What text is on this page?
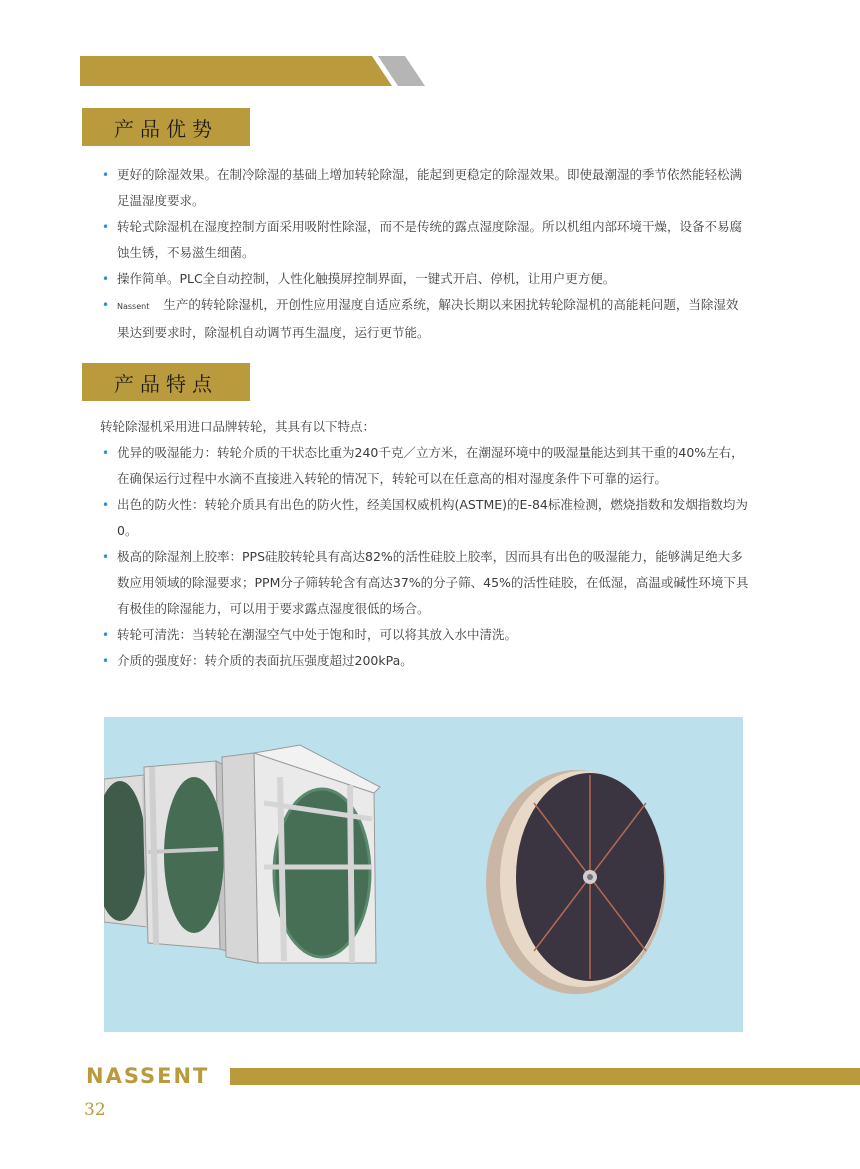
产品优势
• 更好的除湿效果。在制冷除湿的基础上增加转轮除湿，能起到更稳定的除湿效果。即使最潮湿的季节依然能轻松满足温湿度要求。
• 转轮式除湿机在湿度控制方面采用吸附性除湿，而不是传统的露点湿度除湿。所以机组内部环境干燥，设备不易腐蚀生锈，不易滋生细菌。
• 操作简单。PLC全自动控制，人性化触摸屏控制界面，一键式开启、停机，让用户更方便。
• Nassent 生产的转轮除湿机，开创性应用湿度自适应系统，解决长期以来困扰转轮除湿机的高能耗问题，当除湿效果达到要求时，除湿机自动调节再生温度，运行更节能。
产品特点
转轮除湿机采用进口品牌转轮，其具有以下特点：
• 优异的吸湿能力：转轮介质的干状态比重为240千克／立方米，在潮湿环境中的吸湿量能达到其干重的40%左右，在确保运行过程中水滴不直接进入转轮的情况下，转轮可以在任意高的相对湿度条件下可靠的运行。
• 出色的防火性：转轮介质具有出色的防火性，经美国权威机构(ASTME)的E-84标准检测，燃烧指数和发烟指数均为0。
• 极高的除湿剂上胶率：PPS硅胶转轮具有高达82%的活性硅胶上胶率，因而具有出色的吸湿能力，能够满足绝大多数应用领域的除湿要求；PPM分子筛转轮含有高达37%的分子筛、45%的活性硅胶，在低湿，高温或碱性环境下具有极佳的除湿能力，可以用于要求露点湿度很低的场合。
• 转轮可清洗：当转轮在潮湿空气中处于饱和时，可以将其放入水中清洗。
• 介质的强度好：转介质的表面抗压强度超过200kPa。
NASSENT
32
